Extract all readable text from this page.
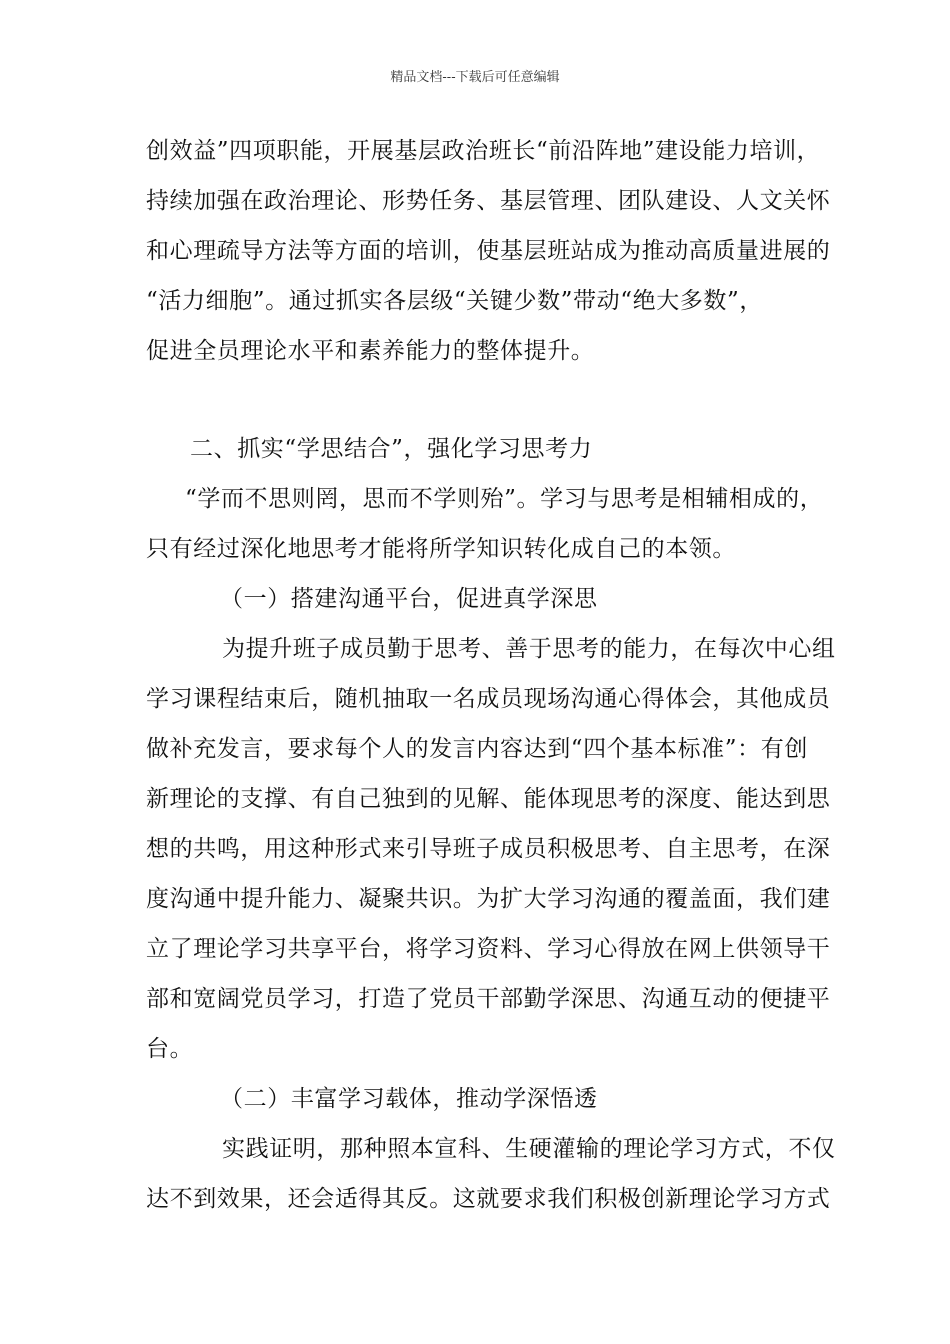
精品文档---下载后可任意编辑
创效益”四项职能，开展基层政治班长“前沿阵地”建设能力培训，
持续加强在政治理论、形势任务、基层管理、团队建设、人文关怀
和心理疏导方法等方面的培训，使基层班站成为推动高质量进展的
“活力细胞”。通过抓实各层级“关键少数”带动“绝大多数”，
促进全员理论水平和素养能力的整体提升。
二、抓实“学思结合”，强化学习思考力
“学而不思则罔，思而不学则殆”。学习与思考是相辅相成的，
只有经过深化地思考才能将所学知识转化成自己的本领。
（一）搭建沟通平台，促进真学深思
为提升班子成员勤于思考、善于思考的能力，在每次中心组
学习课程结束后，随机抽取一名成员现场沟通心得体会，其他成员
做补充发言，要求每个人的发言内容达到“四个基本标准”：有创
新理论的支撑、有自己独到的见解、能体现思考的深度、能达到思
想的共鸣，用这种形式来引导班子成员积极思考、自主思考，在深
度沟通中提升能力、凝聚共识。为扩大学习沟通的覆盖面，我们建
立了理论学习共享平台，将学习资料、学习心得放在网上供领导干
部和宽阔党员学习，打造了党员干部勤学深思、沟通互动的便捷平
台。
（二）丰富学习载体，推动学深悟透
实践证明，那种照本宣科、生硬灌输的理论学习方式，不仅
达不到效果，还会适得其反。这就要求我们积极创新理论学习方式
